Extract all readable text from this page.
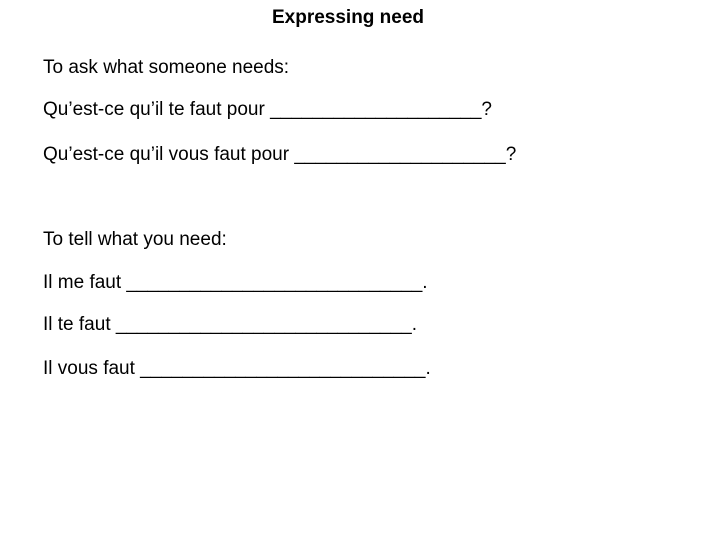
Expressing need
To ask what someone needs:
Qu’est-ce qu’il te faut pour ____________________?
Qu’est-ce qu’il vous faut pour ____________________?
To tell what you need:
Il me faut ____________________________.
Il te faut ____________________________.
Il vous faut ___________________________.
